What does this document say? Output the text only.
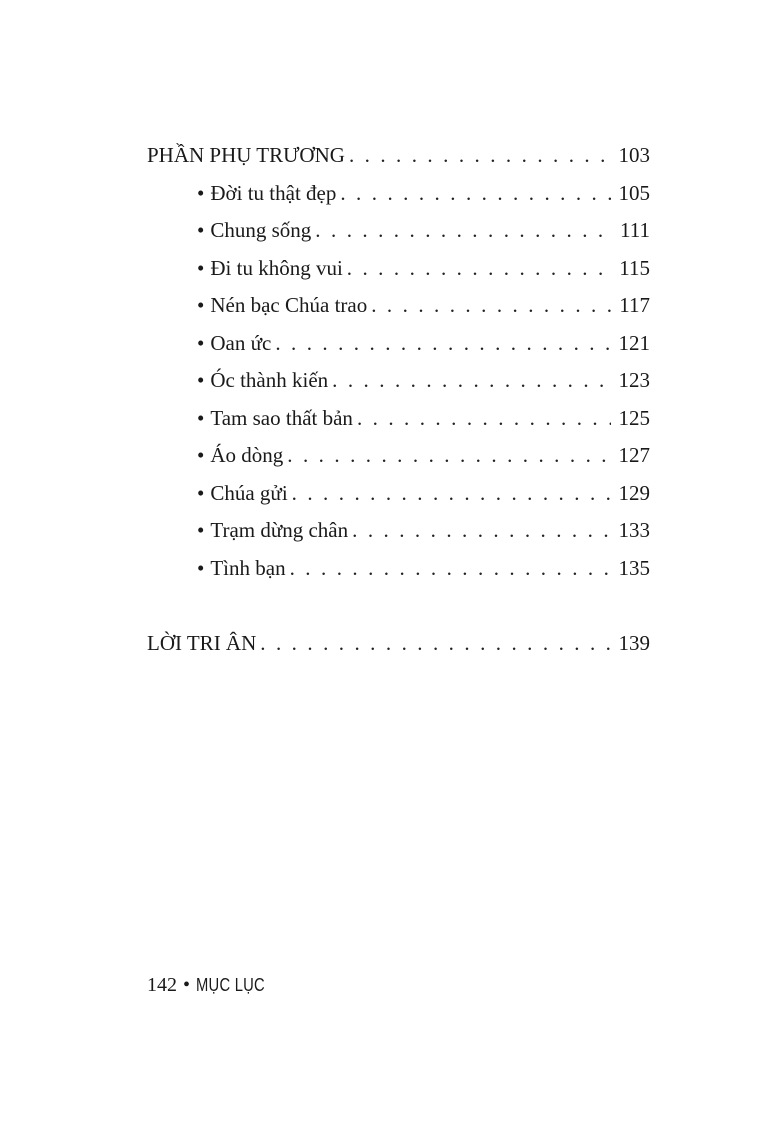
PHẦN PHỤ TRƯƠNG . . .	103
• Đời tu thật đẹp . . .	105
• Chung sống . . .	111
• Đi tu không vui . . .	115
• Nén bạc Chúa trao . . .	117
• Oan ức . . .	121
• Óc thành kiến . . .	123
• Tam sao thất bản . . .	125
• Áo dòng . . .	127
• Chúa gửi . . .	129
• Trạm dừng chân . . .	133
• Tình bạn . . .	135
LỜI TRI ÂN . . .	139
142 • MỤC LỤC
